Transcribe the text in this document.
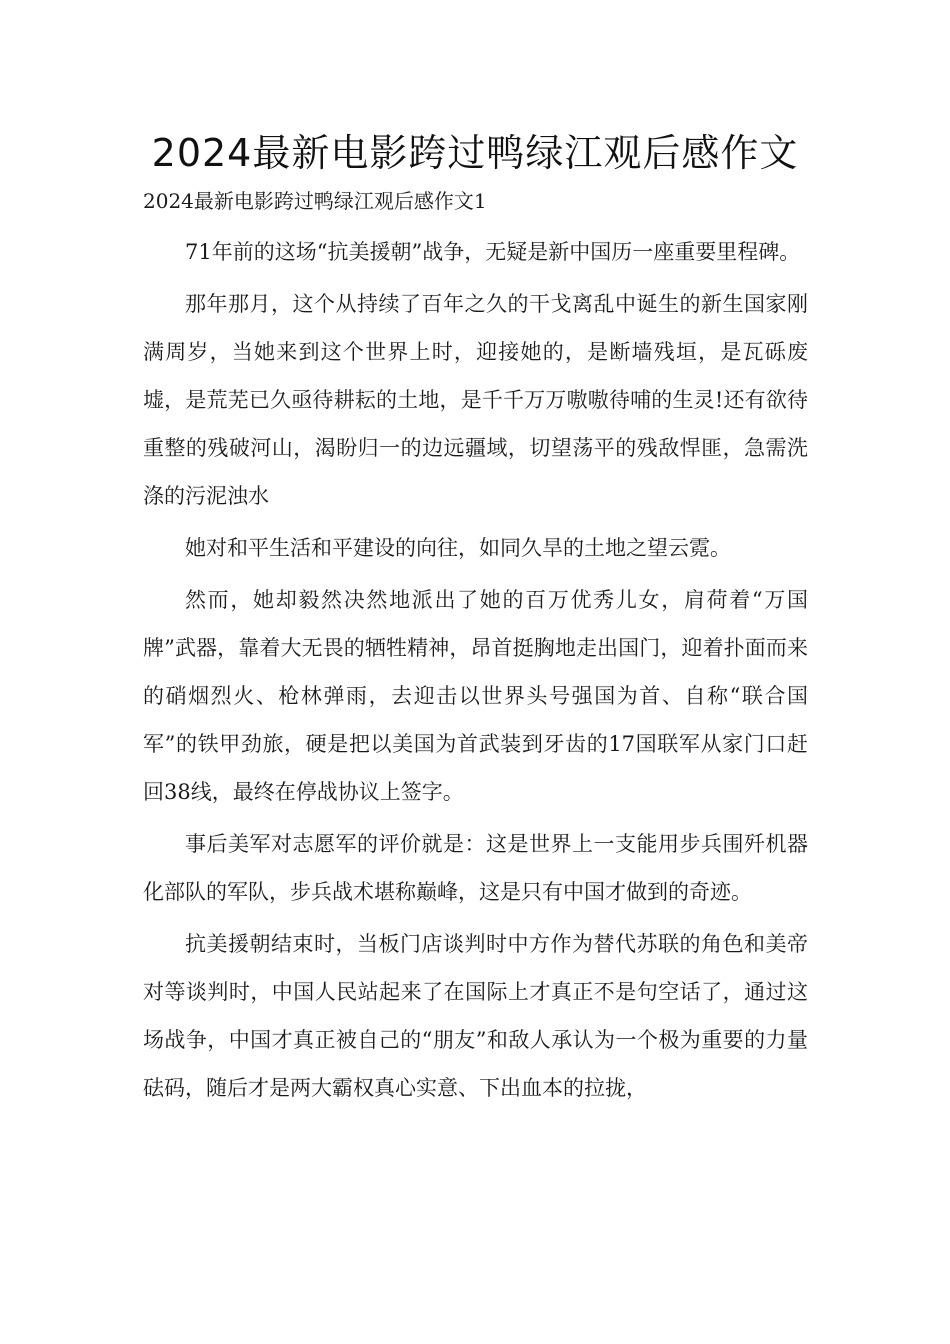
2024最新电影跨过鸭绿江观后感作文

2024最新电影跨过鸭绿江观后感作文1

71年前的这场“抗美援朝”战争，无疑是新中国历一座重要里程碑。

那年那月，这个从持续了百年之久的干戈离乱中诞生的新生国家刚满周岁，当她来到这个世界上时，迎接她的，是断墙残垣，是瓦砾废墟，是荒芜已久亟待耕耘的土地，是千千万万嗷嗷待哺的生灵!还有欲待重整的残破河山，渴盼归一的边远疆域，切望荡平的残敌悍匪，急需洗涤的污泥浊水

她对和平生活和平建设的向往，如同久旱的土地之望云霓。

然而，她却毅然决然地派出了她的百万优秀儿女，肩荷着“万国牌”武器，靠着大无畏的牺牲精神，昂首挺胸地走出国门，迎着扑面而来的硝烟烈火、枪林弹雨，去迎击以世界头号强国为首、自称“联合国军”的铁甲劲旅，硬是把以美国为首武装到牙齿的17国联军从家门口赶回38线，最终在停战协议上签字。

事后美军对志愿军的评价就是：这是世界上一支能用步兵围歼机器化部队的军队，步兵战术堪称巅峰，这是只有中国才做到的奇迹。

抗美援朝结束时，当板门店谈判时中方作为替代苏联的角色和美帝对等谈判时，中国人民站起来了在国际上才真正不是句空话了，通过这场战争，中国才真正被自己的“朋友”和敌人承认为一个极为重要的力量砝码，随后才是两大霸权真心实意、下出血本的拉拢，
